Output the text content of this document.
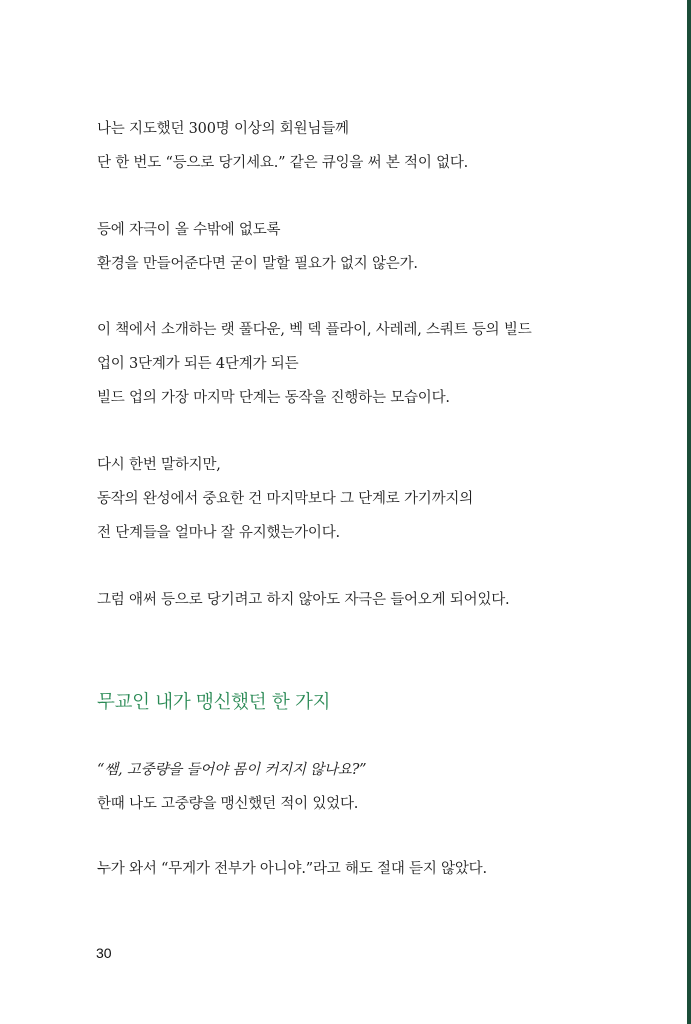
나는 지도했던 300명 이상의 회원님들께
단 한 번도 “등으로 당기세요.” 같은 큐잉을 써 본 적이 없다.
등에 자극이 올 수밖에 없도록
환경을 만들어준다면 굳이 말할 필요가 없지 않은가.
이 책에서 소개하는 랫 풀다운, 벡 덱 플라이, 사레레, 스쿼트 등의 빌드
업이 3단계가 되든 4단계가 되든
빌드 업의 가장 마지막 단계는 동작을 진행하는 모습이다.
다시 한번 말하지만,
동작의 완성에서 중요한 건 마지막보다 그 단계로 가기까지의
전 단계들을 얼마나 잘 유지했는가이다.
그럼 애써 등으로 당기려고 하지 않아도 자극은 들어오게 되어있다.
무교인 내가 맹신했던 한 가지
“쌤, 고중량을 들어야 몸이 커지지 않나요?”
한때 나도 고중량을 맹신했던 적이 있었다.
누가 와서 “무게가 전부가 아니야.”라고 해도 절대 듣지 않았다.
30
